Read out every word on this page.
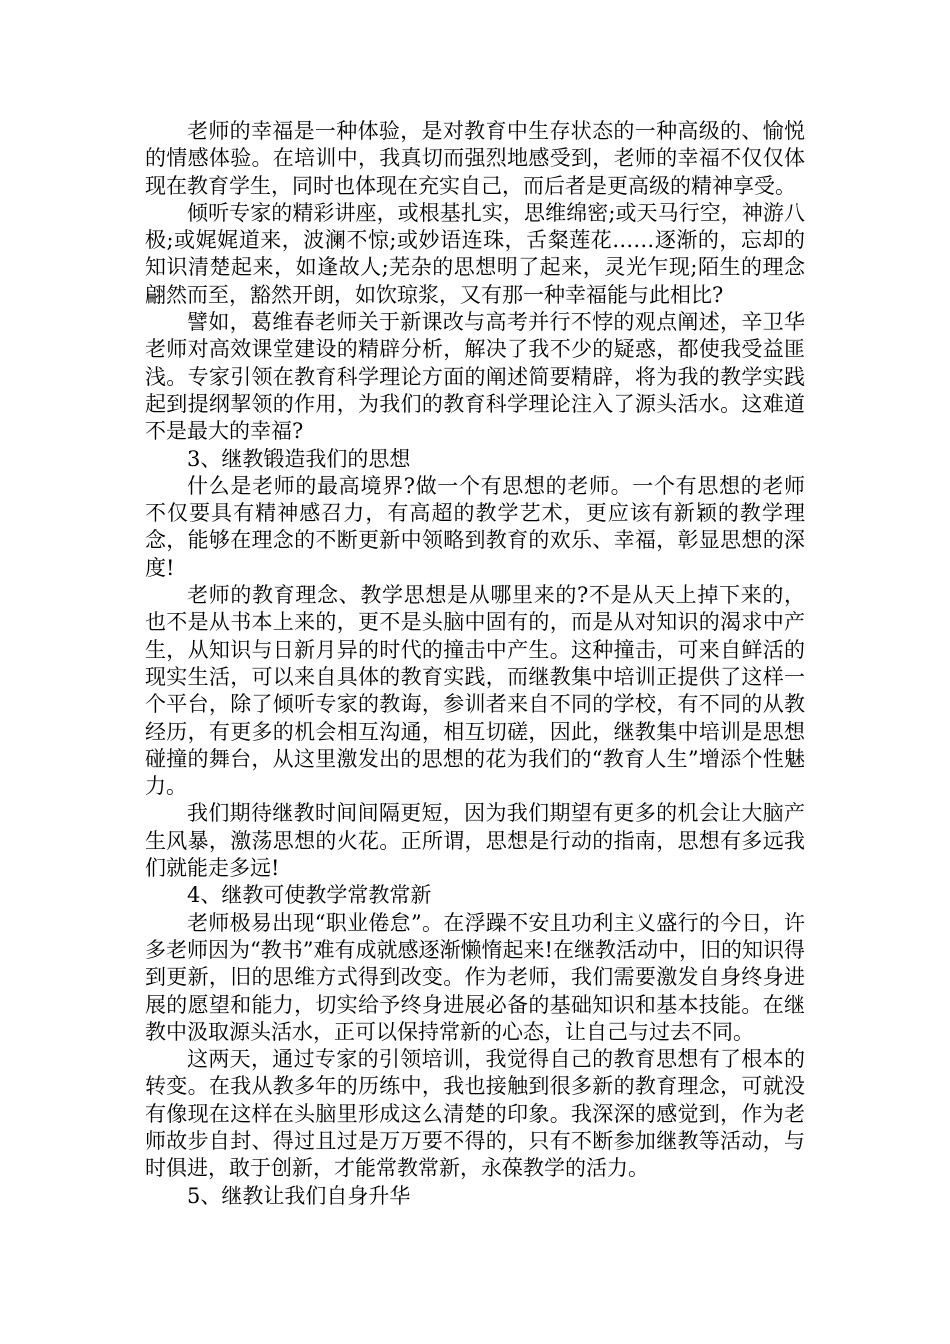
老师的幸福是一种体验，是对教育中生存状态的一种高级的、愉悦的情感体验。在培训中，我真切而强烈地感受到，老师的幸福不仅仅体现在教育学生，同时也体现在充实自己，而后者是更高级的精神享受。

倾听专家的精彩讲座，或根基扎实，思维绵密;或天马行空，神游八极;或娓娓道来，波澜不惊;或妙语连珠，舌粲莲花……逐渐的，忘却的知识清楚起来，如逢故人;芜杂的思想明了起来，灵光乍现;陌生的理念翩然而至，豁然开朗，如饮琼浆，又有那一种幸福能与此相比?

譬如，葛维春老师关于新课改与高考并行不悖的观点阐述，辛卫华老师对高效课堂建设的精辟分析，解决了我不少的疑惑，都使我受益匪浅。专家引领在教育科学理论方面的阐述简要精辟，将为我的教学实践起到提纲挈领的作用，为我们的教育科学理论注入了源头活水。这难道不是最大的幸福?

3、继教锻造我们的思想

什么是老师的最高境界?做一个有思想的老师。一个有思想的老师不仅要具有精神感召力，有高超的教学艺术，更应该有新颖的教学理念，能够在理念的不断更新中领略到教育的欢乐、幸福，彰显思想的深度!

老师的教育理念、教学思想是从哪里来的?不是从天上掉下来的，也不是从书本上来的，更不是头脑中固有的，而是从对知识的渴求中产生，从知识与日新月异的时代的撞击中产生。这种撞击，可来自鲜活的现实生活，可以来自具体的教育实践，而继教集中培训正提供了这样一个平台，除了倾听专家的教诲，参训者来自不同的学校，有不同的从教经历，有更多的机会相互沟通，相互切磋，因此，继教集中培训是思想碰撞的舞台，从这里激发出的思想的花为我们的“教育人生”增添个性魅力。

我们期待继教时间间隔更短，因为我们期望有更多的机会让大脑产生风暴，激荡思想的火花。正所谓，思想是行动的指南，思想有多远我们就能走多远!

4、继教可使教学常教常新

老师极易出现“职业倦怠”。在浮躁不安且功利主义盛行的今日，许多老师因为“教书”难有成就感逐渐懒惰起来!在继教活动中，旧的知识得到更新，旧的思维方式得到改变。作为老师，我们需要激发自身终身进展的愿望和能力，切实给予终身进展必备的基础知识和基本技能。在继教中汲取源头活水，正可以保持常新的心态，让自己与过去不同。

这两天，通过专家的引领培训，我觉得自己的教育思想有了根本的转变。在我从教多年的历练中，我也接触到很多新的教育理念，可就没有像现在这样在头脑里形成这么清楚的印象。我深深的感觉到，作为老师故步自封、得过且过是万万要不得的，只有不断参加继教等活动，与时俱进，敢于创新，才能常教常新，永葆教学的活力。

5、继教让我们自身升华
